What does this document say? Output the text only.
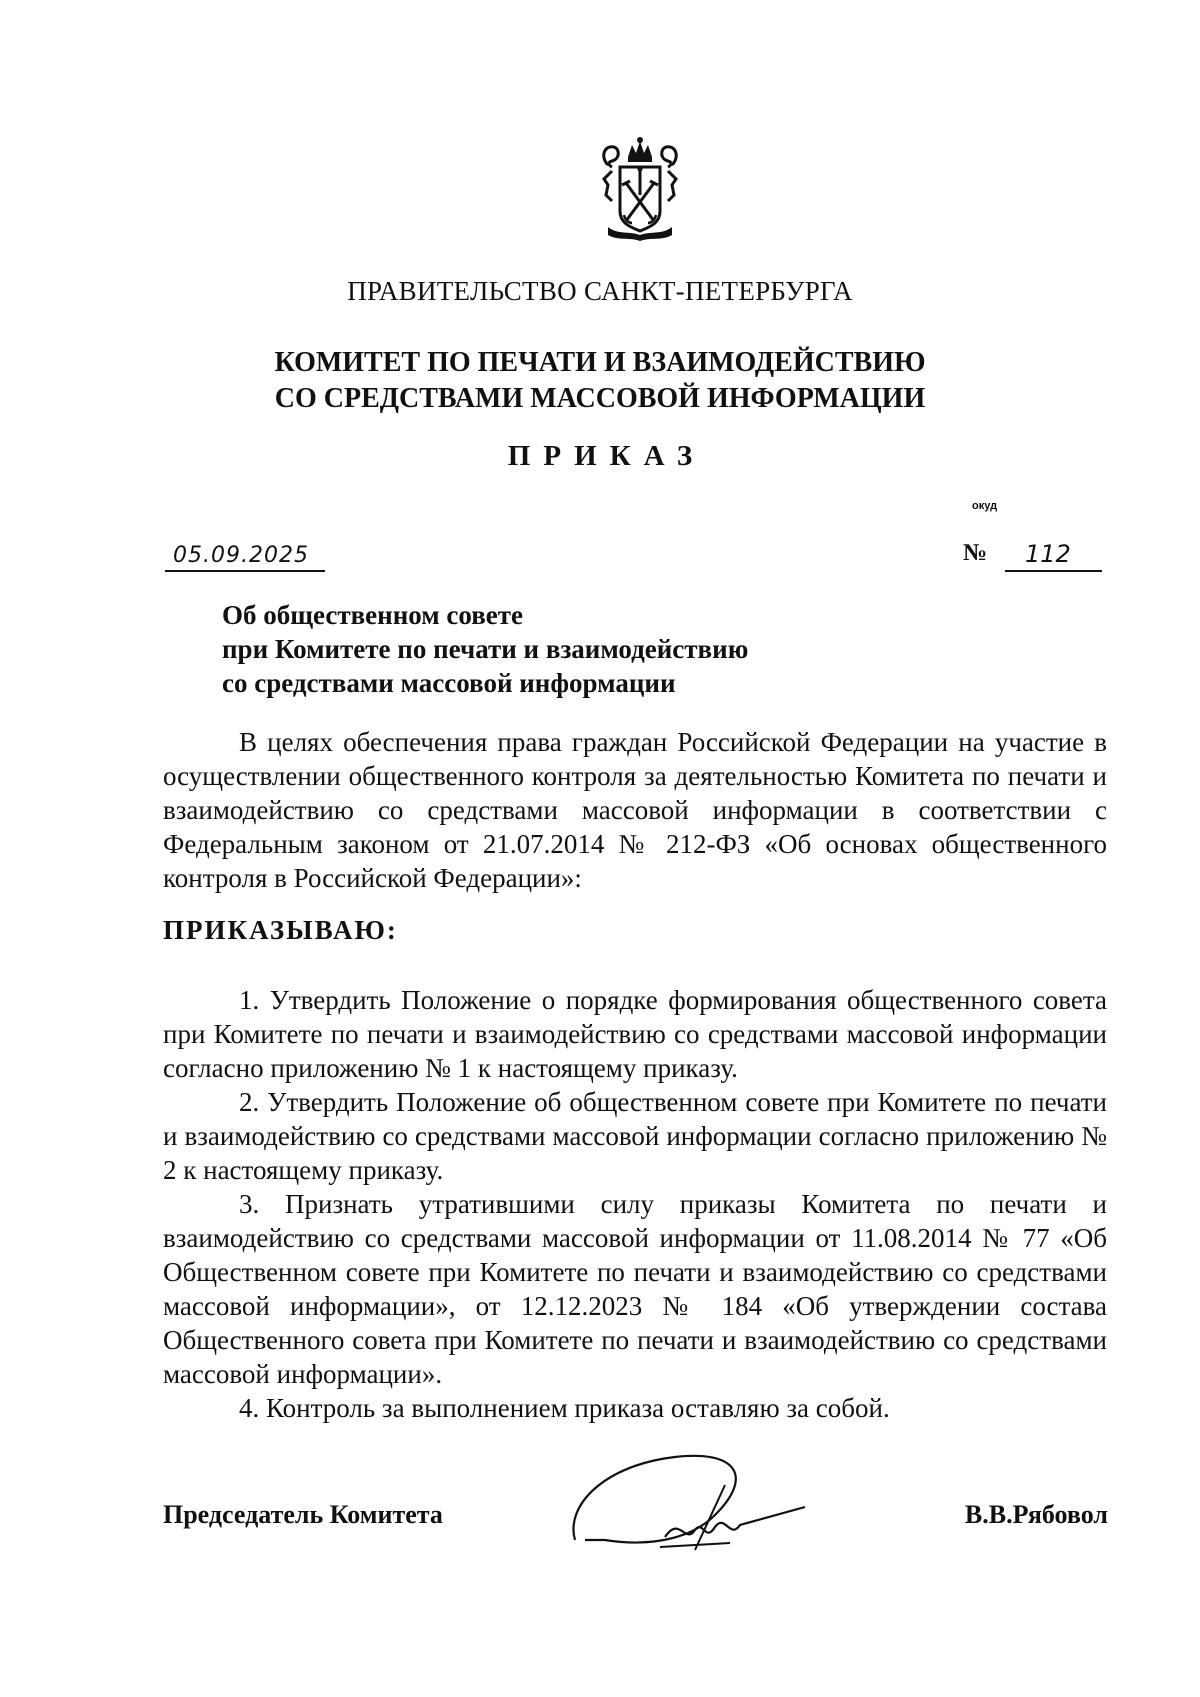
ПРАВИТЕЛЬСТВО САНКТ-ПЕТЕРБУРГА
КОМИТЕТ ПО ПЕЧАТИ И ВЗАИМОДЕЙСТВИЮ
СО СРЕДСТВАМИ МАССОВОЙ ИНФОРМАЦИИ
ПРИКАЗ
окуд
05.09.2025	№ 112
Об общественном совете
при Комитете по печати и взаимодействию
со средствами массовой информации
В целях обеспечения права граждан Российской Федерации на участие в осуществлении общественного контроля за деятельностью Комитета по печати и взаимодействию со средствами массовой информации в соответствии с Федеральным законом от 21.07.2014 № 212-ФЗ «Об основах общественного контроля в Российской Федерации»:
ПРИКАЗЫВАЮ:

1. Утвердить Положение о порядке формирования общественного совета при Комитете по печати и взаимодействию со средствами массовой информации согласно приложению № 1 к настоящему приказу.

2. Утвердить Положение об общественном совете при Комитете по печати и взаимодействию со средствами массовой информации согласно приложению № 2 к настоящему приказу.

3. Признать утратившими силу приказы Комитета по печати и взаимодействию со средствами массовой информации от 11.08.2014 № 77 «Об Общественном совете при Комитете по печати и взаимодействию со средствами массовой информации», от 12.12.2023 № 184 «Об утверждении состава Общественного совета при Комитете по печати и взаимодействию со средствами массовой информации».

4. Контроль за выполнением приказа оставляю за собой.

Председатель Комитета	В.В.Рябовол
